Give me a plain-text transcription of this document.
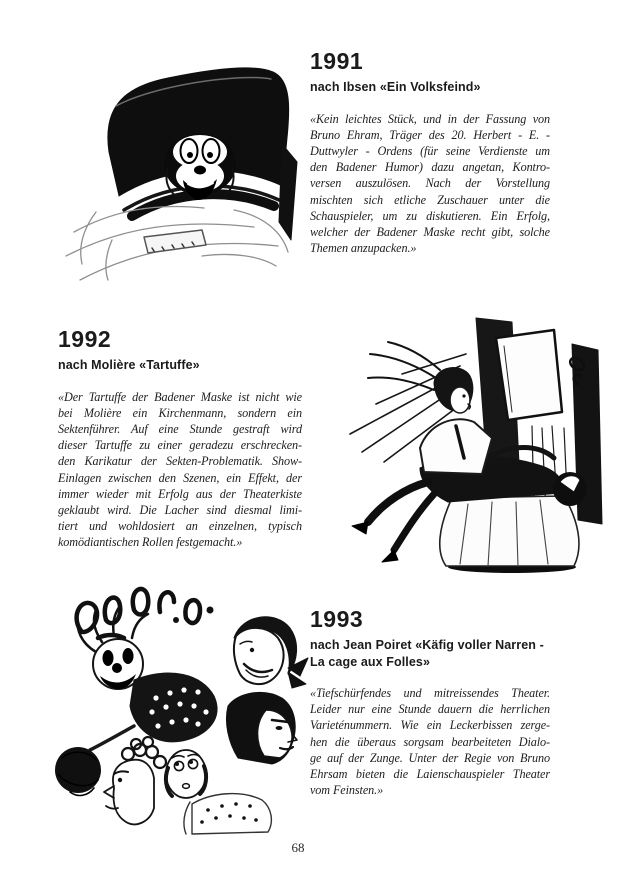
1991
nach Ibsen «Ein Volksfeind»
«Kein leichtes Stück, und in der Fassung von
Bruno Ehram, Träger des 20. Herbert - E. -
Duttwyler - Ordens (für seine Verdienste um
den Badener Humor) dazu angetan, Kontro-
versen auszulösen. Nach der Vorstellung
mischten sich etliche Zuschauer unter die
Schauspieler, um zu diskutieren. Ein Erfolg,
welcher der Badener Maske recht gibt, solche
Themen anzupacken.»
1992
nach Molière «Tartuffe»
«Der Tartuffe der Badener Maske ist nicht wie
bei Molière ein Kirchenmann, sondern ein
Sektenführer. Auf eine Stunde gestraft wird
dieser Tartuffe zu einer geradezu erschrecken-
den Karikatur der Sekten-Problematik. Show-
Einlagen zwischen den Szenen, ein Effekt, der
immer wieder mit Erfolg aus der Theaterkiste
geklaubt wird. Die Lacher sind diesmal limi-
tiert und wohldosiert an einzelnen, typisch
komödiantischen Rollen festgemacht.»
1993
nach Jean Poiret «Käfig voller Narren -
La cage aux Folles»
«Tiefschürfendes und mitreissendes Theater.
Leider nur eine Stunde dauern die herrlichen
Varieténummern. Wie ein Leckerbissen zerge-
hen die überaus sorgsam bearbeiteten Dialo-
ge auf der Zunge. Unter der Regie von Bruno
Ehrsam bieten die Laienschauspieler Theater
vom Feinsten.»
68
